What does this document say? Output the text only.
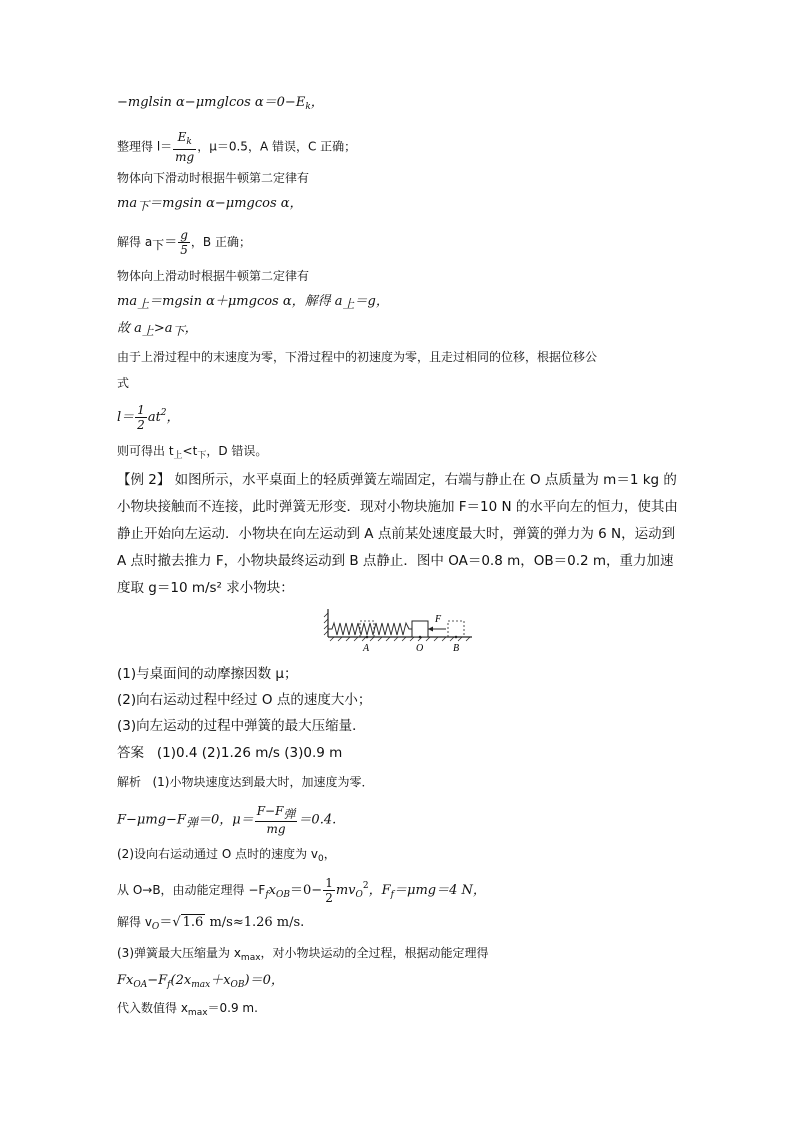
−mglsin α−μmglcos $\alpha=0-E_k$，
整理得 $l= \frac{E_k}{mg}$ ，μ＝0.5，A 错误，C 正确；
物体向下滑动时根据牛顿第二定律有
ma下＝mgsin α−μmgcos α，
解得 a下＝ $\frac{g}{5}$ ，B 正确；
物体向上滑动时根据牛顿第二定律有
ma上＝mgsin α＋μmgcos α，解得 a上＝g，
故 a上>a下，
由于上滑过程中的末速度为零，下滑过程中的初速度为零，且走过相同的位移，根据位移公
式
$l= \frac{1}{2} at^2$，
则可得出 $t_上<t_下$，D 错误。
【例 2】 如图所示，水平桌面上的轻质弹簧左端固定，右端与静止在 O 点质量为 m＝1 kg 的小物块接触而不连接，此时弹簧无形变．现对小物块施加 F＝10 N 的水平向左的恒力，使其由静止开始向左运动．小物块在向左运动到 A 点前某处速度最大时，弹簧的弹力为 6 N，运动到 A 点时撤去推力 F，小物块最终运动到 B 点静止．图中 OA＝0.8 m，OB＝0.2 m，重力加速度取 g＝10 m/s² 求小物块：
A	O	B
F
(1)与桌面间的动摩擦因数 μ；
(2)向右运动过程中经过 O 点的速度大小；
(3)向左运动的过程中弹簧的最大压缩量．
答案 (1)0.4 (2)1.26 m/s (3)0.9 m
解析 (1)小物块速度达到最大时，加速度为零．
F−μmg−F弹＝0，$\mu= \frac{\text{F−F弹}}{mg} =0.4$.
(2)设向右运动通过 O 点时的速度为 $v_0$，
从 O→B，由动能定理得 $-F_fx_{OB}=0- \frac{1}{2} mv_O^2$，$F_f=\mu mg=4$ N，
解得 $v_O=√$ 1.6 m/s≈1.26 m/s.
(3)弹簧最大压缩量为 $x_{max}$，对小物块运动的全过程，根据动能定理得
$Fx_{OA}-F_f(2x_{max}+x_{OB})=0$，
代入数值得 $x_{max}=0.9$ m.
